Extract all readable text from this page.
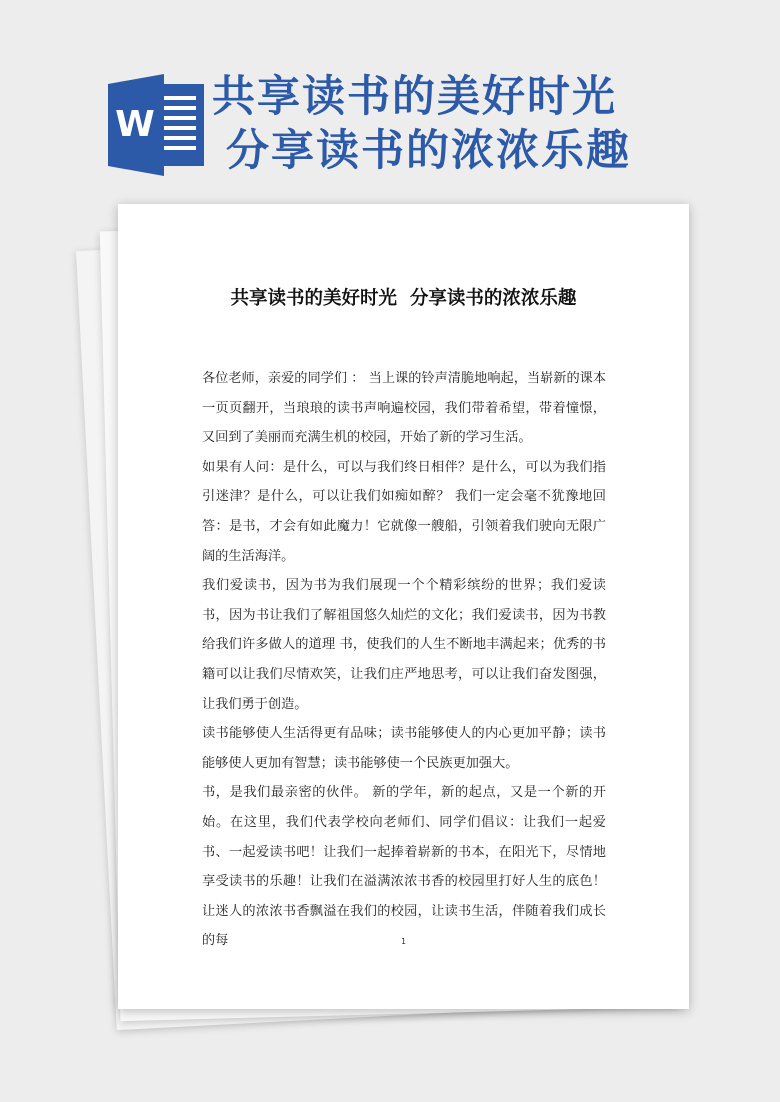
W
共享读书的美好时光
分享读书的浓浓乐趣
共享读书的美好时光  分享读书的浓浓乐趣

各位老师，亲爱的同学们 ： 当上课的铃声清脆地响起，当崭新的课本一页页翻开，当琅琅的读书声响遍校园，我们带着希望，带着憧憬，又回到了美丽而充满生机的校园，开始了新的学习生活。

如果有人问：是什么，可以与我们终日相伴？是什么，可以为我们指引迷津？是什么，可以让我们如痴如醉？ 我们一定会毫不犹豫地回答：是书，才会有如此魔力！它就像一艘船，引领着我们驶向无限广阔的生活海洋。

我们爱读书，因为书为我们展现一个个精彩缤纷的世界；我们爱读书，因为书让我们了解祖国悠久灿烂的文化；我们爱读书，因为书教给我们许多做人的道理 书，使我们的人生不断地丰满起来；优秀的书籍可以让我们尽情欢笑，让我们庄严地思考，可以让我们奋发图强，让我们勇于创造。

读书能够使人生活得更有品味；读书能够使人的内心更加平静；读书能够使人更加有智慧；读书能够使一个民族更加强大。

书，是我们最亲密的伙伴。 新的学年，新的起点，又是一个新的开始。在这里，我们代表学校向老师们、同学们倡议：让我们一起爱书、一起爱读书吧！让我们一起捧着崭新的书本，在阳光下，尽情地享受读书的乐趣！让我们在溢满浓浓书香的校园里打好人生的底色！让迷人的浓浓书香飘溢在我们的校园，让读书生活，伴随着我们成长的每	1
